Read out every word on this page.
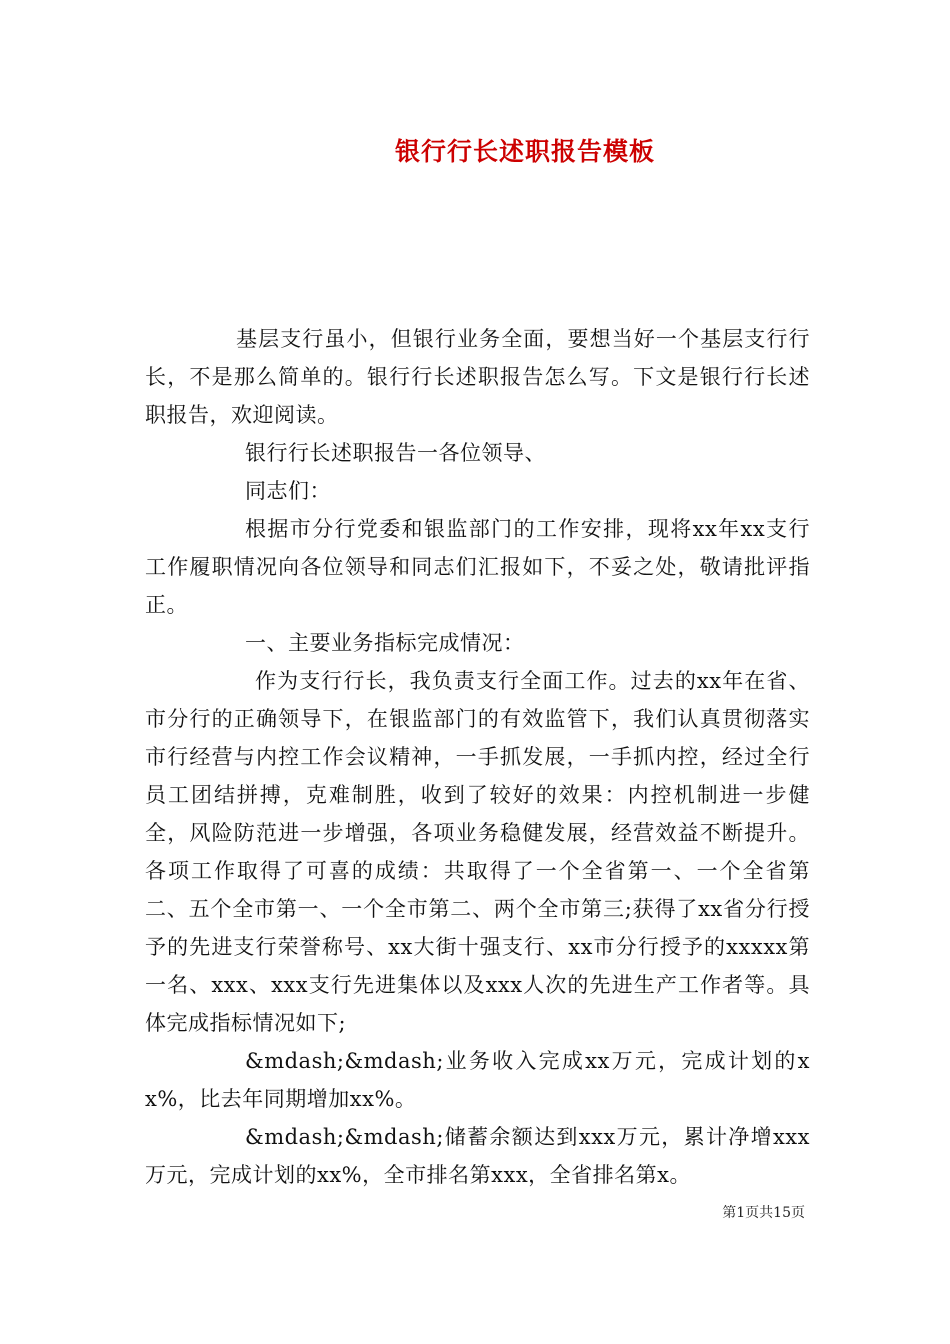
银行行长述职报告模板

基层支行虽小，但银行业务全面，要想当好一个基层支行行长，不是那么简单的。银行行长述职报告怎么写。下文是银行行长述职报告，欢迎阅读。

银行行长述职报告一各位领导、

同志们：

根据市分行党委和银监部门的工作安排，现将xx年xx支行工作履职情况向各位领导和同志们汇报如下，不妥之处，敬请批评指正。

一、主要业务指标完成情况：

作为支行行长，我负责支行全面工作。过去的xx年在省、市分行的正确领导下，在银监部门的有效监管下，我们认真贯彻落实市行经营与内控工作会议精神，一手抓发展，一手抓内控，经过全行员工团结拼搏，克难制胜，收到了较好的效果：内控机制进一步健全，风险防范进一步增强，各项业务稳健发展，经营效益不断提升。各项工作取得了可喜的成绩：共取得了一个全省第一、一个全省第二、五个全市第一、一个全市第二、两个全市第三;获得了xx省分行授予的先进支行荣誉称号、xx大街十强支行、xx市分行授予的xxxxx第一名、xxx、xxx支行先进集体以及xxx人次的先进生产工作者等。具体完成指标情况如下;

&mdash;&mdash;业务收入完成xx万元，完成计划的xx%，比去年同期增加xx%。

&mdash;&mdash;储蓄余额达到xxx万元，累计净增xxx万元，完成计划的xx%，全市排名第xxx，全省排名第x。

第1页共15页
